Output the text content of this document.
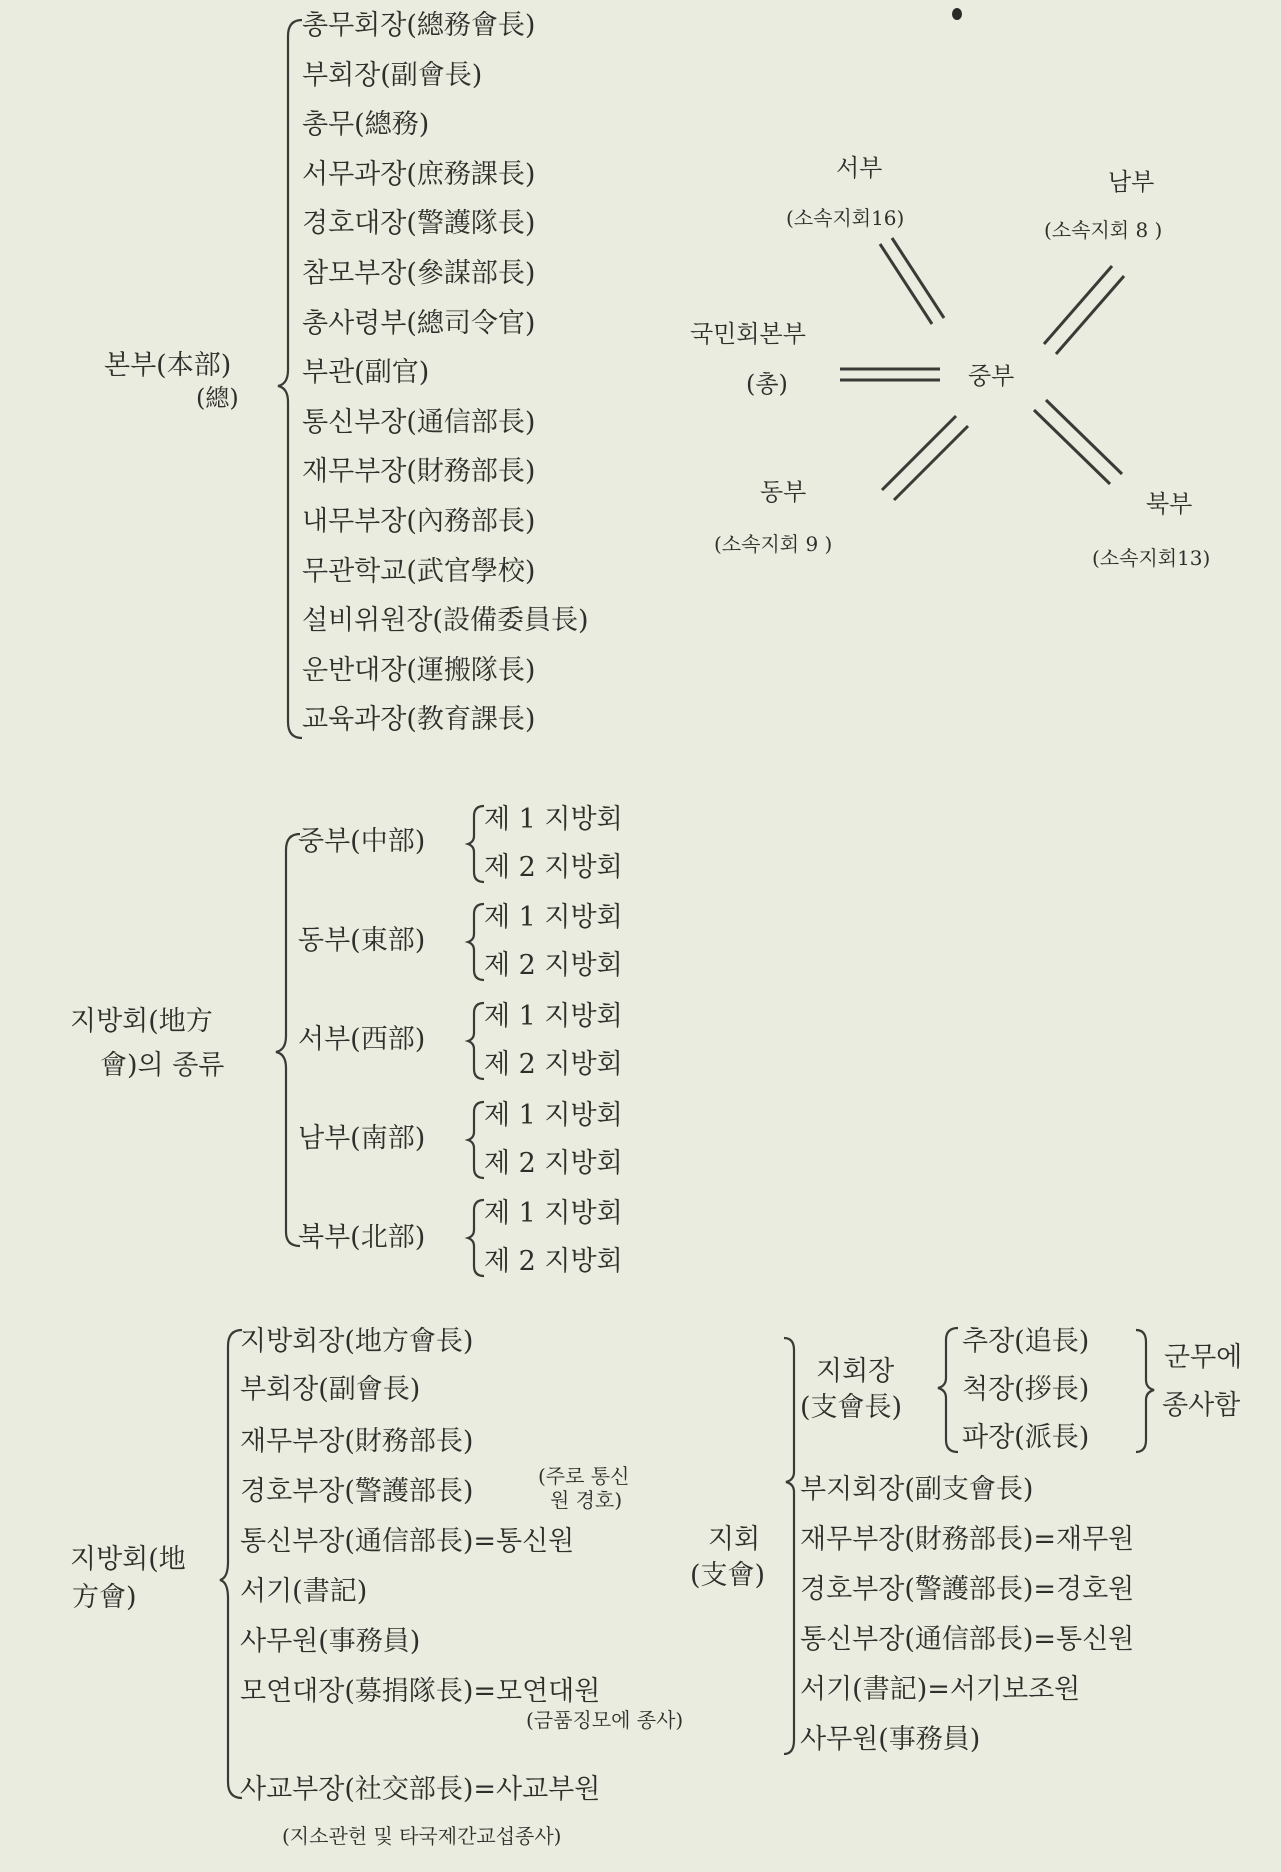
본부(本部)
(總)
총무회장(總務會長)
부회장(副會長)
총무(總務)
서무과장(庶務課長)
경호대장(警護隊長)
참모부장(參謀部長)
총사령부(總司令官)
부관(副官)
통신부장(通信部長)
재무부장(財務部長)
내무부장(內務部長)
무관학교(武官學校)
설비위원장(設備委員長)
운반대장(運搬隊長)
교육과장(教育課長)
서부
(소속지회16)
남부
(소속지회 8 )
국민회본부
(총)	중부
동부
(소속지회 9 )
북부
(소속지회13)
지방회(地方
會)의 종류
중부(中部)
동부(東部)
서부(西部)
남부(南部)
북부(北部)
제 1 지방회
제 2 지방회
제 1 지방회
제 2 지방회
제 1 지방회
제 2 지방회
제 1 지방회
제 2 지방회
제 1 지방회
제 2 지방회
지방회(地
方會)
지방회장(地方會長)
부회장(副會長)
재무부장(財務部長)
경호부장(警護部長)	(주로 통신
원 경호)
통신부장(通信部長)=통신원
서기(書記)
사무원(事務員)
모연대장(募捐隊長)=모연대원
(금품징모에 종사)
사교부장(社交部長)=사교부원
(지소관헌 및 타국제간교섭종사)
지회
(支會)
지회장
(支會長)
추장(追長)
척장(拶長)
파장(派長)
군무에
종사함
부지회장(副支會長)
재무부장(財務部長)=재무원
경호부장(警護部長)=경호원
통신부장(通信部長)=통신원
서기(書記)=서기보조원
사무원(事務員)
